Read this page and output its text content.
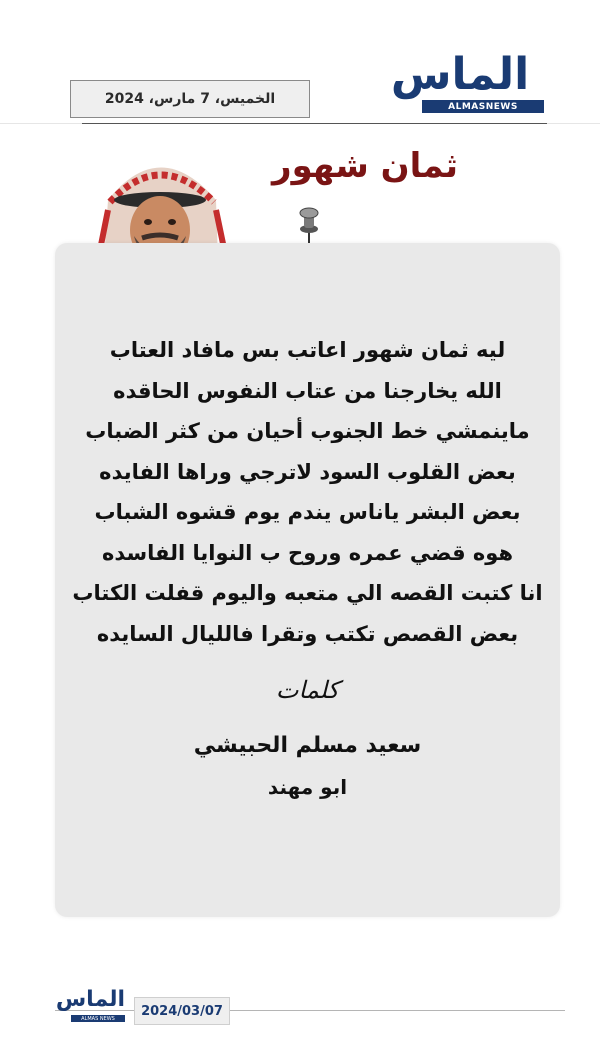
الخميس، 7 مارس، 2024	الماس
ALMASNEWS
ثمان شهور
ليه ثمان شهور اعاتب بس مافاد العتاب
الله يخارجنا من عتاب النفوس الحاقده
ماينمشي خط الجنوب أحيان من كثر الضباب
بعض القلوب السود لاترجي وراها الفايده
بعض البشر ياناس يندم يوم قشوه الشباب
هوه قضي عمره وروح ب النوايا الفاسده
انا كتبت القصه الي متعبه واليوم قفلت الكتاب
بعض القصص تكتب وتقرا فالليال السايده
كلمات
سعيد مسلم الحبيشي
ابو مهند
الماس
ALMAS NEWS	2024/03/07
